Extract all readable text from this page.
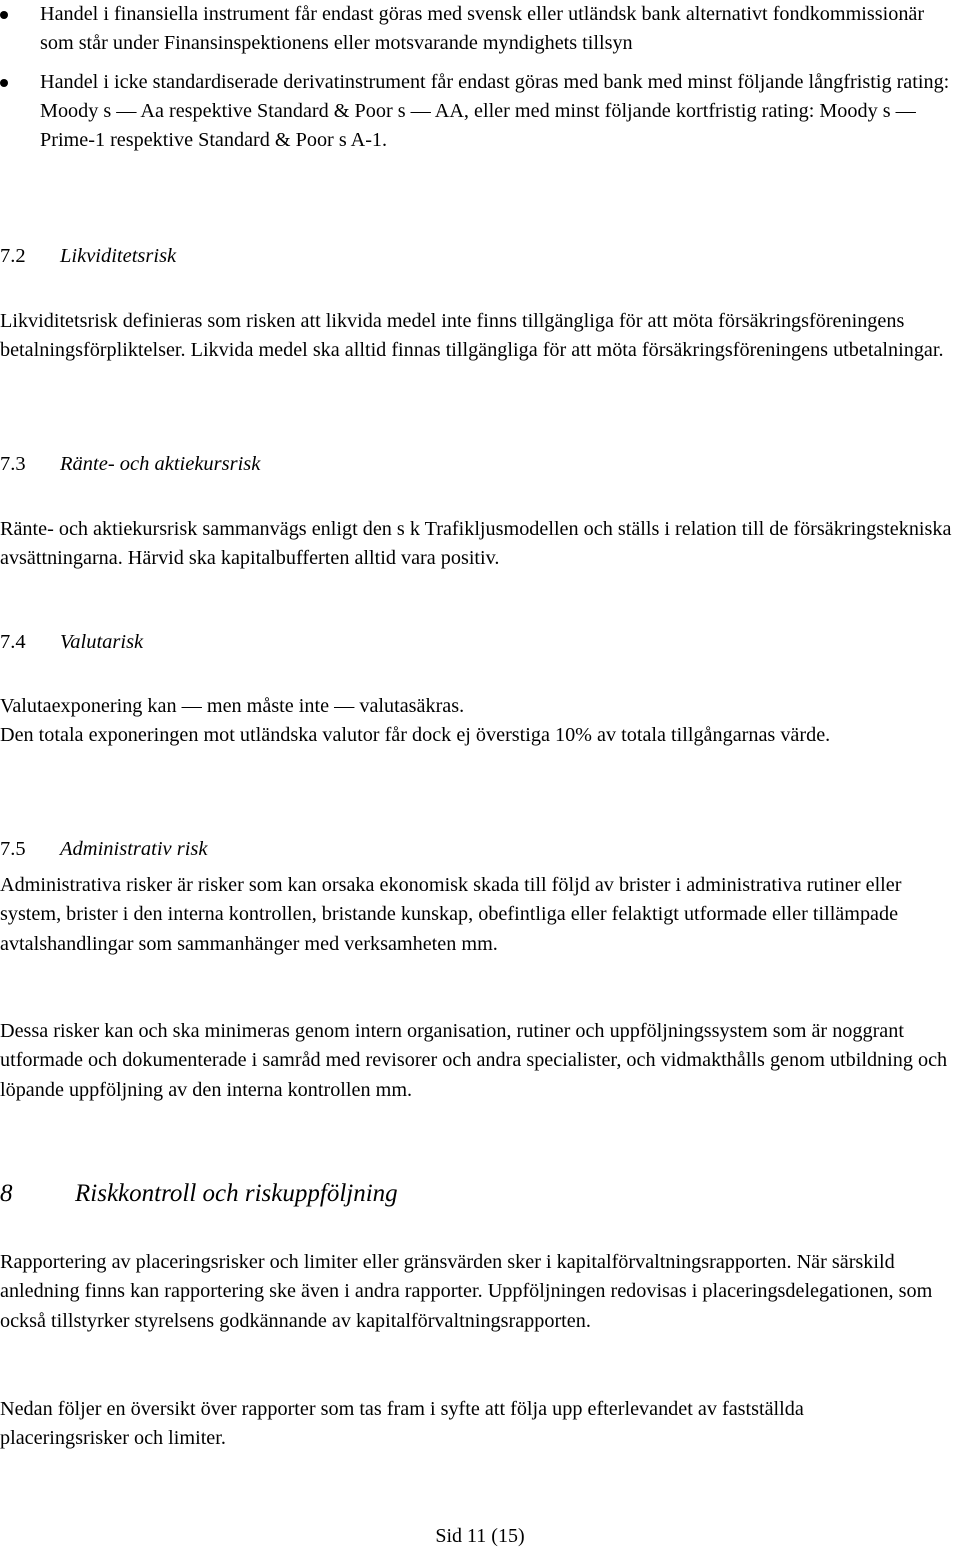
Handel i finansiella instrument får endast göras med svensk eller utländsk bank alternativt fondkommissionär som står under Finansinspektionens eller motsvarande myndighets tillsyn
Handel i icke standardiserade derivatinstrument får endast göras med bank med minst följande långfristig rating: Moody s — Aa respektive Standard & Poor s — AA, eller med minst följande kortfristig rating: Moody s — Prime-1 respektive Standard & Poor s A-1.
7.2 Likviditetsrisk

Likviditetsrisk definieras som risken att likvida medel inte finns tillgängliga för att möta försäkringsföreningens betalningsförpliktelser. Likvida medel ska alltid finnas tillgängliga för att möta försäkringsföreningens utbetalningar.

7.3 Ränte- och aktiekursrisk

Ränte- och aktiekursrisk sammanvägs enligt den s k Trafikljusmodellen och ställs i relation till de försäkringstekniska avsättningarna. Härvid ska kapitalbufferten alltid vara positiv.

7.4 Valutarisk

Valutaexponering kan — men måste inte — valutasäkras.

Den totala exponeringen mot utländska valutor får dock ej överstiga 10% av totala tillgångarnas värde.

7.5 Administrativ risk

Administrativa risker är risker som kan orsaka ekonomisk skada till följd av brister i administrativa rutiner eller system, brister i den interna kontrollen, bristande kunskap, obefintliga eller felaktigt utformade eller tillämpade avtalshandlingar som sammanhänger med verksamheten mm.

Dessa risker kan och ska minimeras genom intern organisation, rutiner och uppföljningssystem som är noggrant utformade och dokumenterade i samråd med revisorer och andra specialister, och vidmakthålls genom utbildning och löpande uppföljning av den interna kontrollen mm.

8	Riskkontroll och riskuppföljning

Rapportering av placeringsrisker och limiter eller gränsvärden sker i kapitalförvaltningsrapporten. När särskild anledning finns kan rapportering ske även i andra rapporter. Uppföljningen redovisas i placeringsdelegationen, som också tillstyrker styrelsens godkännande av kapitalförvaltningsrapporten.

Nedan följer en översikt över rapporter som tas fram i syfte att följa upp efterlevandet av fastställda placeringsrisker och limiter.

Sid 11 (15)
